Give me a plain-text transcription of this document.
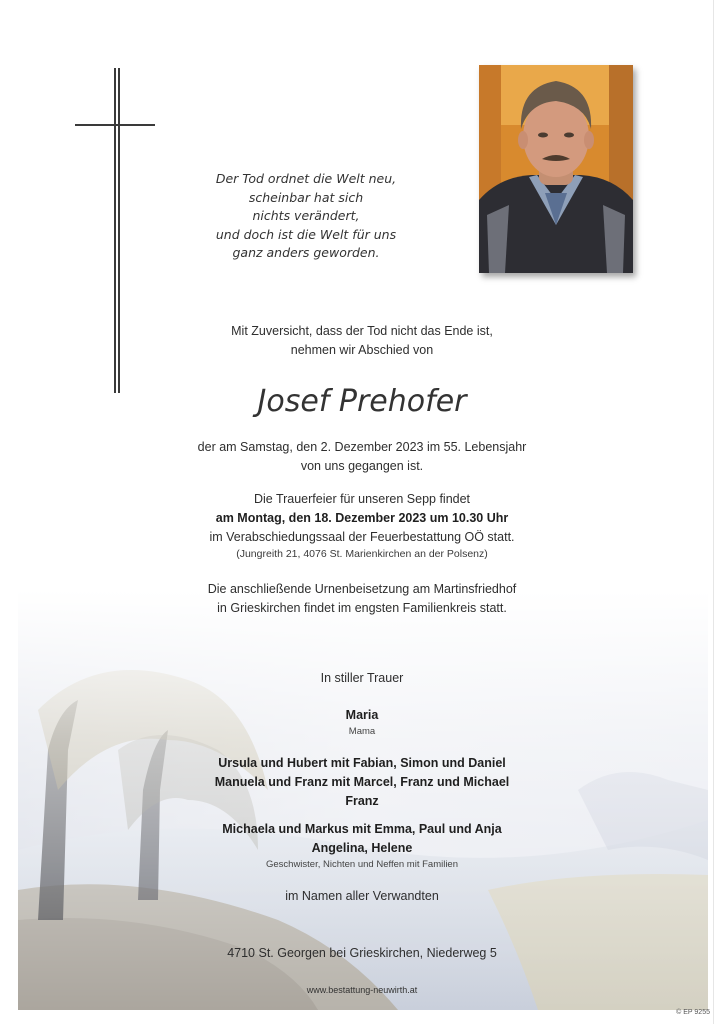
Der Tod ordnet die Welt neu,
scheinbar hat sich
nichts verändert,
und doch ist die Welt für uns
ganz anders geworden.
Mit Zuversicht, dass der Tod nicht das Ende ist,
nehmen wir Abschied von
Josef Prehofer
der am Samstag, den 2. Dezember 2023 im 55. Lebensjahr
von uns gegangen ist.
Die Trauerfeier für unseren Sepp findet
am Montag, den 18. Dezember 2023 um 10.30 Uhr
im Verabschiedungssaal der Feuerbestattung OÖ statt.
(Jungreith 21, 4076 St. Marienkirchen an der Polsenz)
Die anschließende Urnenbeisetzung am Martinsfriedhof
in Grieskirchen findet im engsten Familienkreis statt.
In stiller Trauer
Maria
Mama
Ursula und Hubert mit Fabian, Simon und Daniel
Manuela und Franz mit Marcel, Franz und Michael
Franz
Michaela und Markus mit Emma, Paul und Anja
Angelina, Helene
Geschwister, Nichten und Neffen mit Familien
im Namen aller Verwandten
4710 St. Georgen bei Grieskirchen, Niederweg 5
www.bestattung-neuwirth.at
© EP 9255
